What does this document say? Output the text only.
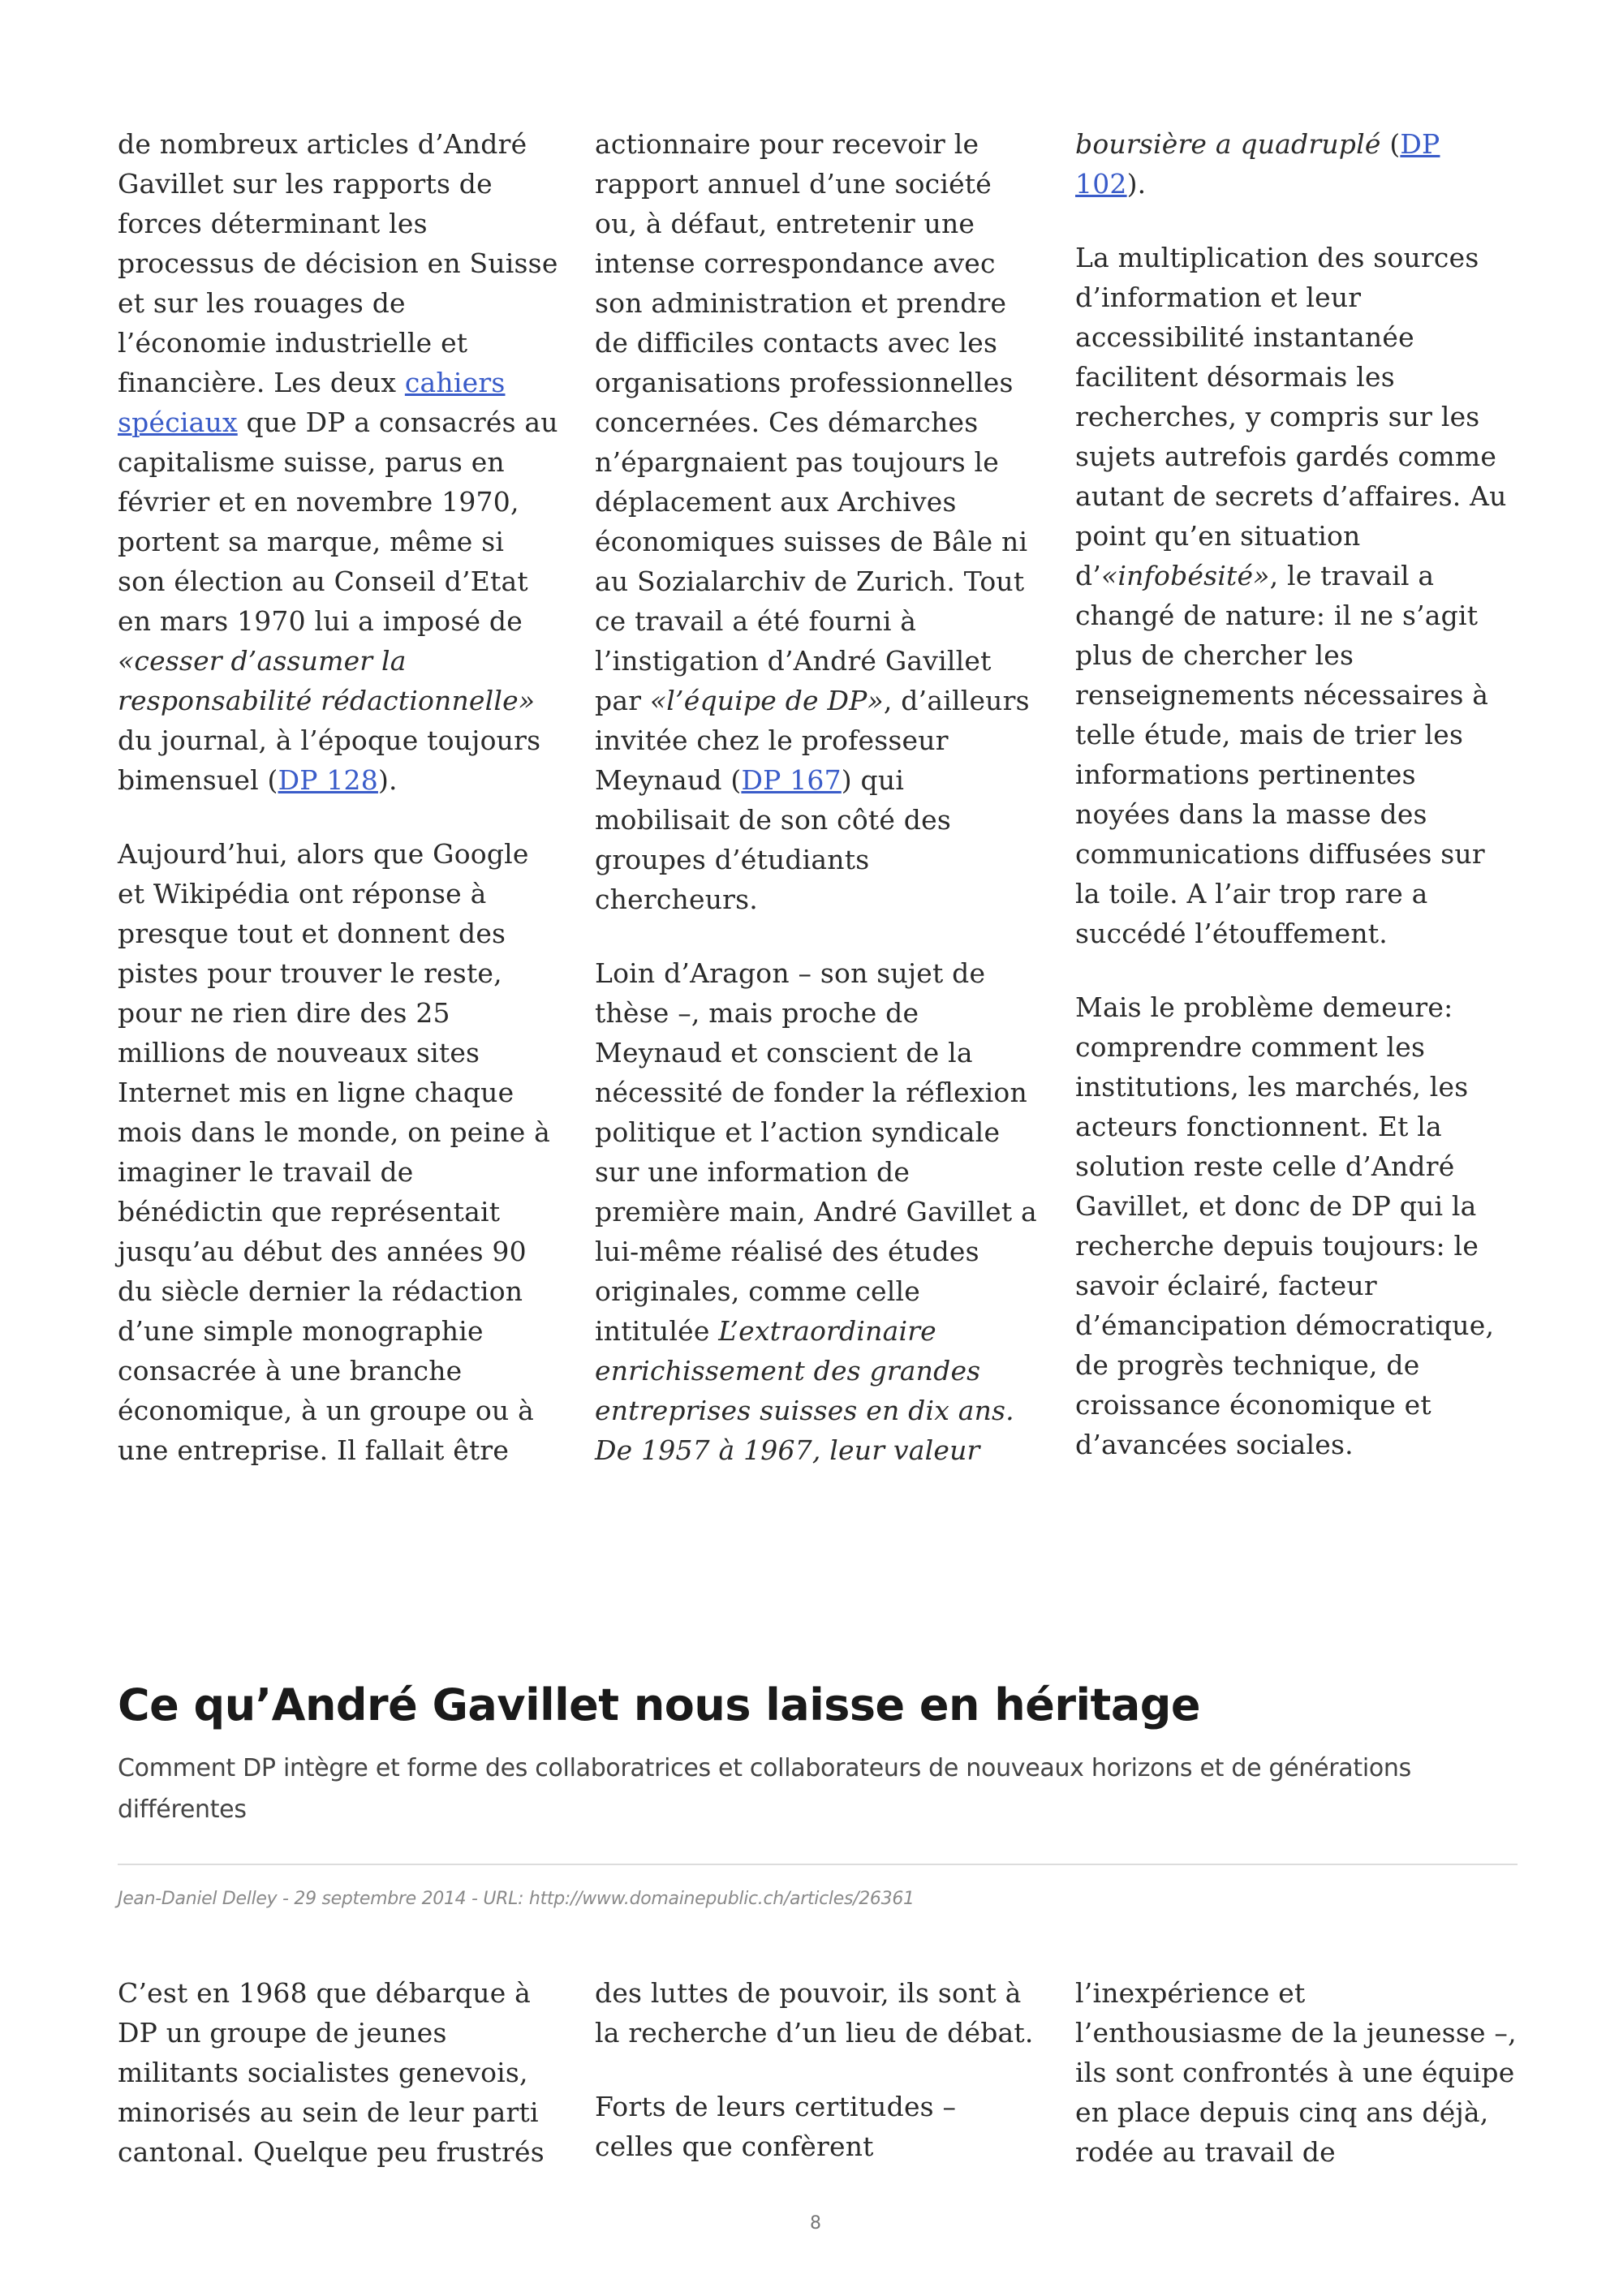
de nombreux articles d’André Gavillet sur les rapports de forces déterminant les processus de décision en Suisse et sur les rouages de l’économie industrielle et financière. Les deux cahiers spéciaux que DP a consacrés au capitalisme suisse, parus en février et en novembre 1970, portent sa marque, même si son élection au Conseil d’Etat en mars 1970 lui a imposé de «cesser d’assumer la responsabilité rédactionnelle» du journal, à l’époque toujours bimensuel (DP 128).

Aujourd’hui, alors que Google et Wikipédia ont réponse à presque tout et donnent des pistes pour trouver le reste, pour ne rien dire des 25 millions de nouveaux sites Internet mis en ligne chaque mois dans le monde, on peine à imaginer le travail de bénédictin que représentait jusqu’au début des années 90 du siècle dernier la rédaction d’une simple monographie consacrée à une branche économique, à un groupe ou à une entreprise. Il fallait être

actionnaire pour recevoir le rapport annuel d’une société ou, à défaut, entretenir une intense correspondance avec son administration et prendre de difficiles contacts avec les organisations professionnelles concernées. Ces démarches n’épargnaient pas toujours le déplacement aux Archives économiques suisses de Bâle ni au Sozialarchiv de Zurich. Tout ce travail a été fourni à l’instigation d’André Gavillet par «l’équipe de DP», d’ailleurs invitée chez le professeur Meynaud (DP 167) qui mobilisait de son côté des groupes d’étudiants chercheurs.

Loin d’Aragon – son sujet de thèse –, mais proche de Meynaud et conscient de la nécessité de fonder la réflexion politique et l’action syndicale sur une information de première main, André Gavillet a lui-même réalisé des études originales, comme celle intitulée L’extraordinaire enrichissement des grandes entreprises suisses en dix ans. De 1957 à 1967, leur valeur

boursière a quadruplé (DP 102).

La multiplication des sources d’information et leur accessibilité instantanée facilitent désormais les recherches, y compris sur les sujets autrefois gardés comme autant de secrets d’affaires. Au point qu’en situation d’«infobésité», le travail a changé de nature: il ne s’agit plus de chercher les renseignements nécessaires à telle étude, mais de trier les informations pertinentes noyées dans la masse des communications diffusées sur la toile. A l’air trop rare a succédé l’étouffement.

Mais le problème demeure: comprendre comment les institutions, les marchés, les acteurs fonctionnent. Et la solution reste celle d’André Gavillet, et donc de DP qui la recherche depuis toujours: le savoir éclairé, facteur d’émancipation démocratique, de progrès technique, de croissance économique et d’avancées sociales.

Ce qu’André Gavillet nous laisse en héritage

Comment DP intègre et forme des collaboratrices et collaborateurs de nouveaux horizons et de générations différentes

Jean-Daniel Delley - 29 septembre 2014 - URL: http://www.domainepublic.ch/articles/26361

C’est en 1968 que débarque à DP un groupe de jeunes militants socialistes genevois, minorisés au sein de leur parti cantonal. Quelque peu frustrés

des luttes de pouvoir, ils sont à la recherche d’un lieu de débat.

Forts de leurs certitudes – celles que confèrent

l’inexpérience et l’enthousiasme de la jeunesse –, ils sont confrontés à une équipe en place depuis cinq ans déjà, rodée au travail de

8
